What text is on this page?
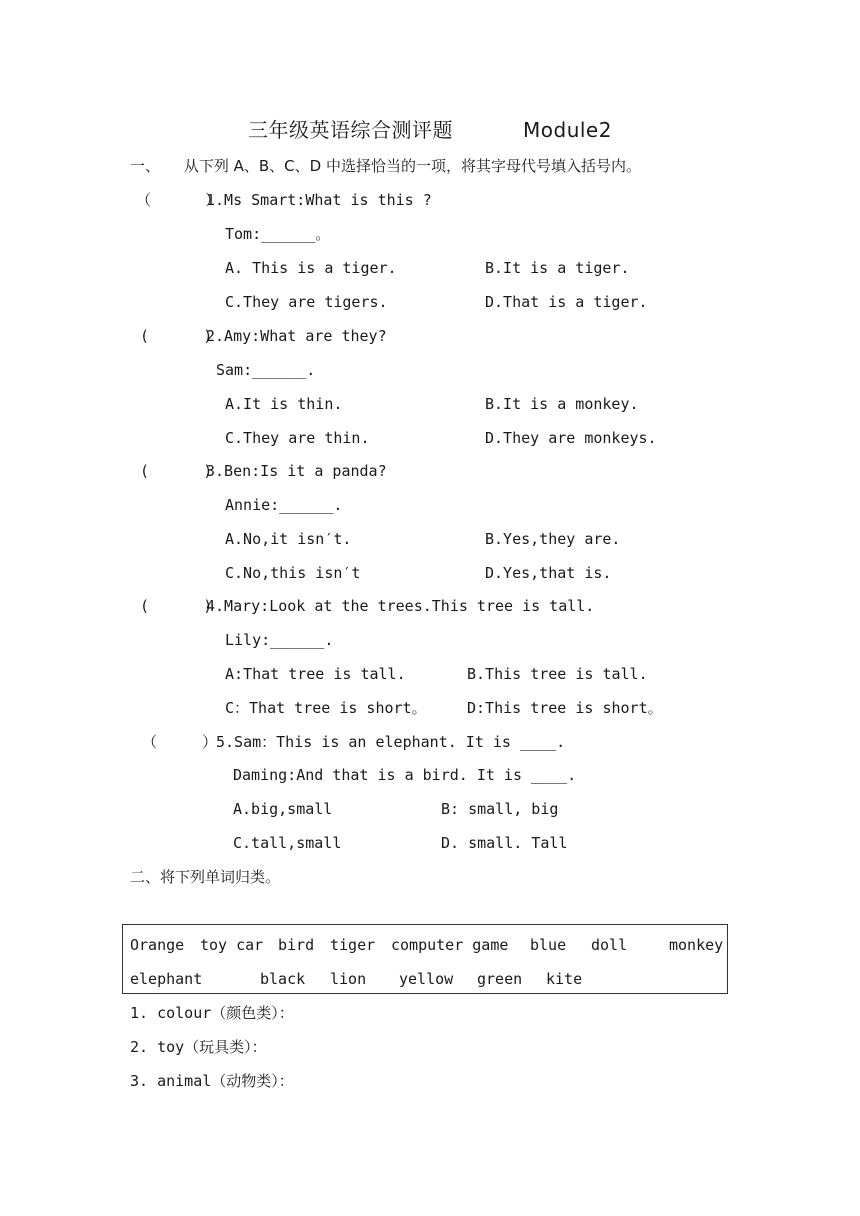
三年级英语综合测评题	Module2
一、     从下列 A、B、C、D 中选择恰当的一项，将其字母代号填入括号内。
（      ）
1.Ms Smart:What is this ?
Tom:______。
A. This is a tiger.	B.It is a tiger.
C.They are tigers.	D.That is a tiger.
(      )
2.Amy:What are they?
Sam:______.
A.It is thin.	B.It is a monkey.
C.They are thin.	D.They are monkeys.
(      )
3.Ben:Is it a panda?
Annie:______.
A.No,it isn′t.	B.Yes,they are.
C.No,this isn′t	D.Yes,that is.
(      )
4.Mary:Look at the trees.This tree is tall.
Lily:______.
A:That tree is tall.	B.This tree is tall.
C：That tree is short。	D:This tree is short。
（     ）
5.Sam：This is an elephant. It is ____.
Daming:And that is a bird. It is ____.
A.big,small	B: small, big
C.tall,small	D. small. Tall
二、将下列单词归类。
Orange toy car bird tiger computer game blue doll	monkey
elephant	black lion yellow green kite
1. colour（颜色类）：
2. toy（玩具类）：
3. animal（动物类）：
